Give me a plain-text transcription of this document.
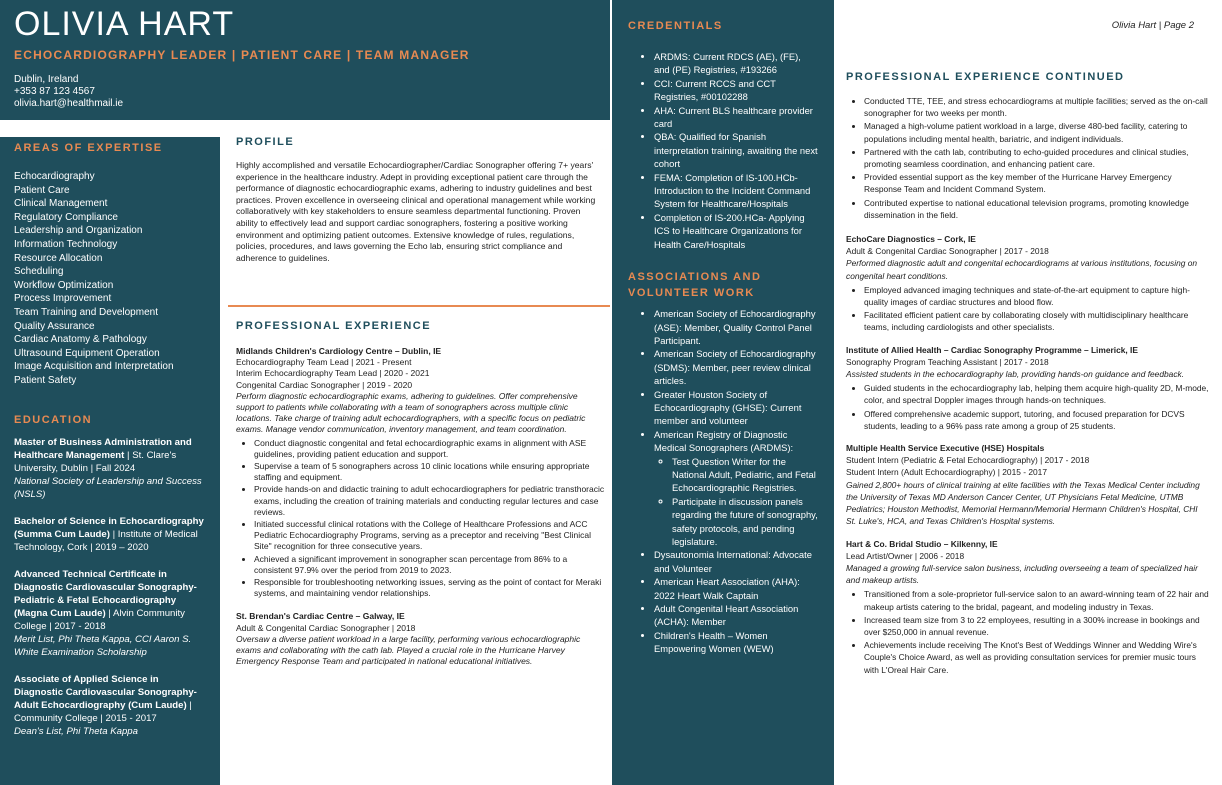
OLIVIA HART
ECHOCARDIOGRAPHY LEADER | PATIENT CARE | TEAM MANAGER
Dublin, Ireland
+353 87 123 4567
olivia.hart@healthmail.ie
AREAS OF EXPERTISE
Echocardiography
Patient Care
Clinical Management
Regulatory Compliance
Leadership and Organization
Information Technology
Resource Allocation
Scheduling
Workflow Optimization
Process Improvement
Team Training and Development
Quality Assurance
Cardiac Anatomy & Pathology
Ultrasound Equipment Operation
Image Acquisition and Interpretation
Patient Safety
EDUCATION
Master of Business Administration and Healthcare Management | St. Clare's University, Dublin | Fall 2024
National Society of Leadership and Success (NSLS)
Bachelor of Science in Echocardiography (Summa Cum Laude) | Institute of Medical Technology, Cork | 2019 – 2020
Advanced Technical Certificate in Diagnostic Cardiovascular Sonography- Pediatric & Fetal Echocardiography (Magna Cum Laude) | Alvin Community College | 2017 - 2018
Merit List, Phi Theta Kappa, CCI Aaron S. White Examination Scholarship
Associate of Applied Science in Diagnostic Cardiovascular Sonography- Adult Echocardiography (Cum Laude) | Community College | 2015 - 2017
Dean's List, Phi Theta Kappa
PROFILE
Highly accomplished and versatile Echocardiographer/Cardiac Sonographer offering 7+ years' experience in the healthcare industry. Adept in providing exceptional patient care through the performance of diagnostic echocardiographic exams, adhering to industry guidelines and best practices. Proven excellence in overseeing clinical and operational management while working collaboratively with key stakeholders to ensure seamless departmental functioning. Proven ability to effectively lead and support cardiac sonographers, fostering a positive working environment and optimizing patient outcomes. Extensive knowledge of rules, regulations, policies, procedures, and laws governing the Echo lab, ensuring strict compliance and adherence to guidelines.
PROFESSIONAL EXPERIENCE
Midlands Children's Cardiology Centre – Dublin, IE
Echocardiography Team Lead | 2021 - Present
Interim Echocardiography Team Lead | 2020 - 2021
Congenital Cardiac Sonographer | 2019 - 2020
Perform diagnostic echocardiographic exams, adhering to guidelines. Offer comprehensive support to patients while collaborating with a team of sonographers across multiple clinic locations. Take charge of training adult echocardiographers, with a specific focus on pediatric exams. Manage vendor communication, inventory management, and team coordination.
• Conduct diagnostic congenital and fetal echocardiographic exams in alignment with ASE guidelines, providing patient education and support.
• Supervise a team of 5 sonographers across 10 clinic locations while ensuring appropriate staffing and equipment.
• Provide hands-on and didactic training to adult echocardiographers for pediatric transthoracic exams, including the creation of training materials and conducting regular lectures and case reviews.
• Initiated successful clinical rotations with the College of Healthcare Professions and ACC Pediatric Echocardiography Programs, serving as a preceptor and receiving "Best Clinical Site" recognition for three consecutive years.
• Achieved a significant improvement in sonographer scan percentage from 86% to a consistent 97.9% over the period from 2019 to 2023.
• Responsible for troubleshooting networking issues, serving as the point of contact for Meraki systems, and maintaining vendor relationships.
St. Brendan's Cardiac Centre – Galway, IE
Adult & Congenital Cardiac Sonographer | 2018
Oversaw a diverse patient workload in a large facility, performing various echocardiographic exams and collaborating with the cath lab. Played a crucial role in the Hurricane Harvey Emergency Response Team and participated in national educational initiatives.
CREDENTIALS
• ARDMS: Current RDCS (AE), (FE), and (PE) Registries, #193266
• CCI: Current RCCS and CCT Registries, #00102288
• AHA: Current BLS healthcare provider card
• QBA: Qualified for Spanish interpretation training, awaiting the next cohort
• FEMA: Completion of IS-100.HCb- Introduction to the Incident Command System for Healthcare/Hospitals
• Completion of IS-200.HCa- Applying ICS to Healthcare Organizations for Health Care/Hospitals
ASSOCIATIONS AND VOLUNTEER WORK
• American Society of Echocardiography (ASE): Member, Quality Control Panel Participant.
• American Society of Echocardiography (SDMS): Member, peer review clinical articles.
• Greater Houston Society of Echocardiography (GHSE): Current member and volunteer
• American Registry of Diagnostic Medical Sonographers (ARDMS):
◦ Test Question Writer for the National Adult, Pediatric, and Fetal Echocardiographic Registries.
◦ Participate in discussion panels regarding the future of sonography, safety protocols, and pending legislature.
• Dysautonomia International: Advocate and Volunteer
• American Heart Association (AHA): 2022 Heart Walk Captain
• Adult Congenital Heart Association (ACHA): Member
• Children's Health – Women Empowering Women (WEW)
Olivia Hart | Page 2
PROFESSIONAL EXPERIENCE CONTINUED
• Conducted TTE, TEE, and stress echocardiograms at multiple facilities; served as the on-call sonographer for two weeks per month.
• Managed a high-volume patient workload in a large, diverse 480-bed facility, catering to populations including mental health, bariatric, and indigent individuals.
• Partnered with the cath lab, contributing to echo-guided procedures and clinical studies, promoting seamless coordination, and enhancing patient care.
• Provided essential support as the key member of the Hurricane Harvey Emergency Response Team and Incident Command System.
• Contributed expertise to national educational television programs, promoting knowledge dissemination in the field.
EchoCare Diagnostics – Cork, IE
Adult & Congenital Cardiac Sonographer | 2017 - 2018
Performed diagnostic adult and congenital echocardiograms at various institutions, focusing on congenital heart conditions.
• Employed advanced imaging techniques and state-of-the-art equipment to capture high-quality images of cardiac structures and blood flow.
• Facilitated efficient patient care by collaborating closely with multidisciplinary healthcare teams, including cardiologists and other specialists.
Institute of Allied Health – Cardiac Sonography Programme – Limerick, IE
Sonography Program Teaching Assistant | 2017 - 2018
Assisted students in the echocardiography lab, providing hands-on guidance and feedback.
• Guided students in the echocardiography lab, helping them acquire high-quality 2D, M-mode, color, and spectral Doppler images through hands-on techniques.
• Offered comprehensive academic support, tutoring, and focused preparation for DCVS students, leading to a 96% pass rate among a group of 25 students.
Multiple Health Service Executive (HSE) Hospitals
Student Intern (Pediatric & Fetal Echocardiography) | 2017 - 2018
Student Intern (Adult Echocardiography) | 2015 - 2017
Gained 2,800+ hours of clinical training at elite facilities with the Texas Medical Center including the University of Texas MD Anderson Cancer Center, UT Physicians Fetal Medicine, UTMB Pediatrics; Houston Methodist, Memorial Hermann/Memorial Hermann Children's Hospital, CHI St. Luke's, HCA, and Texas Children's Hospital systems.
Hart & Co. Bridal Studio – Kilkenny, IE
Lead Artist/Owner | 2006 - 2018
Managed a growing full-service salon business, including overseeing a team of specialized hair and makeup artists.
• Transitioned from a sole-proprietor full-service salon to an award-winning team of 22 hair and makeup artists catering to the bridal, pageant, and modeling industry in Texas.
• Increased team size from 3 to 22 employees, resulting in a 300% increase in bookings and over $250,000 in annual revenue.
• Achievements include receiving The Knot's Best of Weddings Winner and Wedding Wire's Couple's Choice Award, as well as providing consultation services for premier music tours with L'Oreal Hair Care.
